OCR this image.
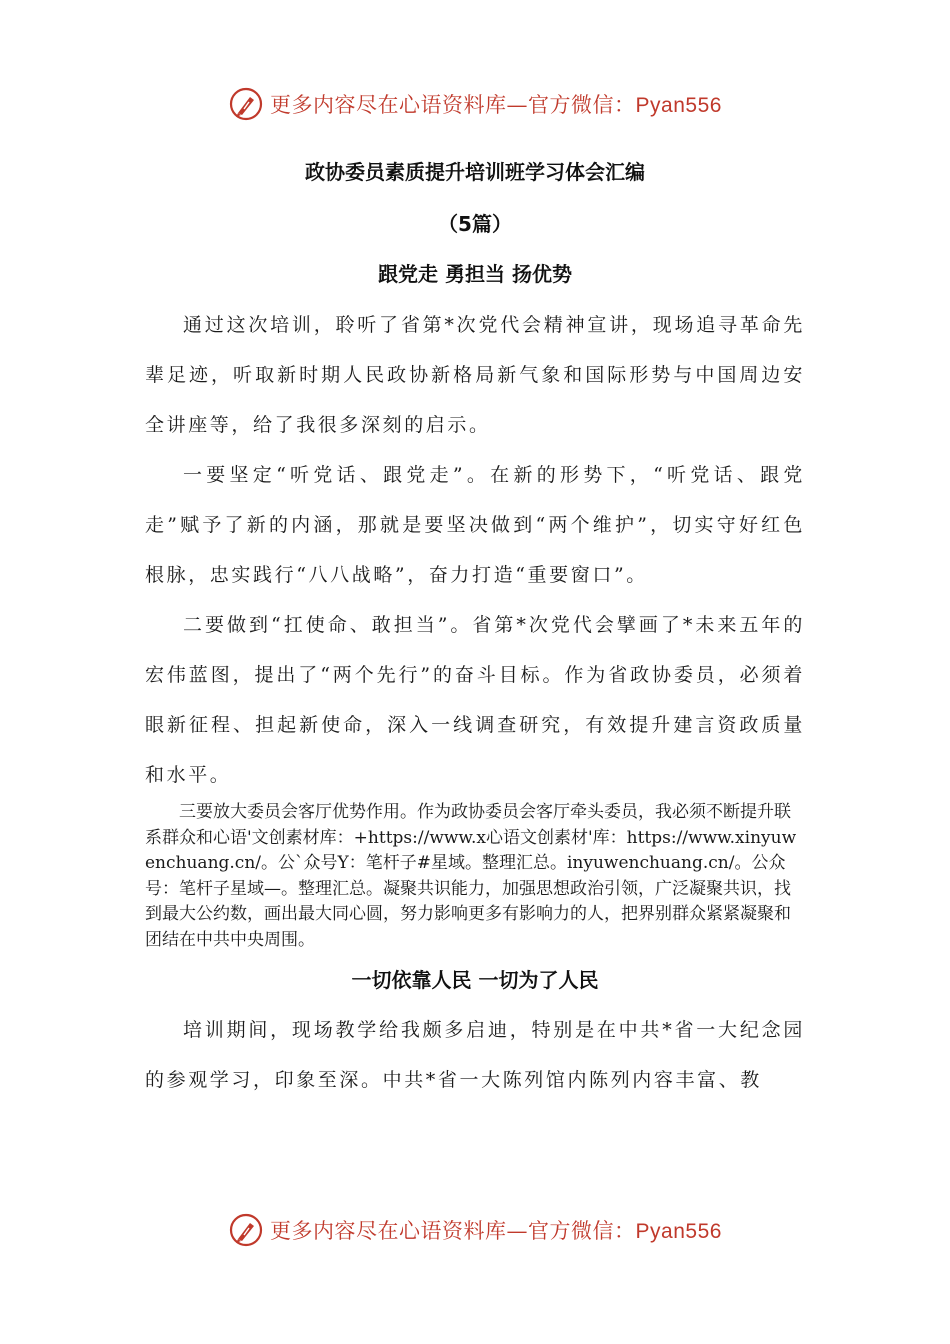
更多内容尽在心语资料库—官方微信：Pyan556
政协委员素质提升培训班学习体会汇编
（5篇）
跟党走 勇担当 扬优势

通过这次培训，聆听了省第*次党代会精神宣讲，现场追寻革命先辈足迹，听取新时期人民政协新格局新气象和国际形势与中国周边安全讲座等，给了我很多深刻的启示。

一要坚定“听党话、跟党走”。在新的形势下，“听党话、跟党走”赋予了新的内涵，那就是要坚决做到“两个维护”，切实守好红色根脉，忠实践行“八八战略”，奋力打造“重要窗口”。

二要做到“扛使命、敢担当”。省第*次党代会擘画了*未来五年的宏伟蓝图，提出了“两个先行”的奋斗目标。作为省政协委员，必须着眼新征程、担起新使命，深入一线调查研究，有效提升建言资政质量和水平。

三要放大委员会客厅优势作用。作为政协委员会客厅牵头委员，我必须不断提升联系群众和心语'文创素材库：+https://www.x心语文创素材'库：https://www.xinyuwenchuang.cn/。公`众号Y：笔杆子#星域。整理汇总。inyuwenchuang.cn/。公众号：笔杆子星域—。整理汇总。凝聚共识能力，加强思想政治引领，广泛凝聚共识，找到最大公约数，画出最大同心圆，努力影响更多有影响力的人，把界别群众紧紧凝聚和团结在中共中央周围。

一切依靠人民 一切为了人民

培训期间，现场教学给我颇多启迪，特别是在中共*省一大纪念园的参观学习，印象至深。中共*省一大陈列馆内陈列内容丰富、教

更多内容尽在心语资料库—官方微信：Pyan556
